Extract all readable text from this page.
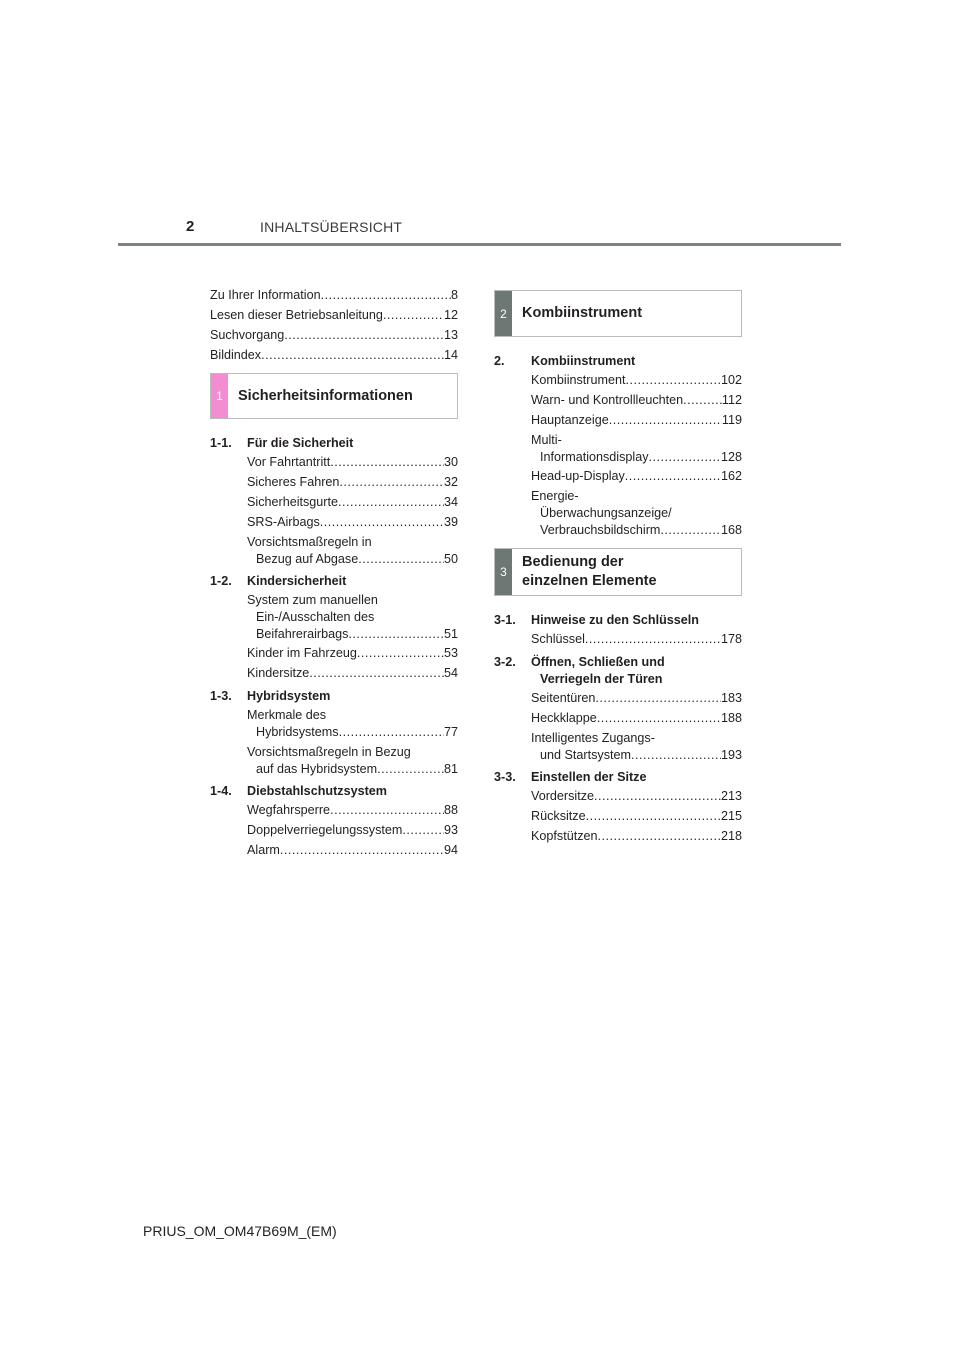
2	INHALTSÜBERSICHT
Zu Ihrer Information .....	8
Lesen dieser Betriebsanleitung .....	12
Suchvorgang .....	13
Bildindex .....	14
1	Sicherheitsinformationen
1-1.	Für die Sicherheit
Vor Fahrtantritt .....	30
Sicheres Fahren .....	32
Sicherheitsgurte .....	34
SRS-Airbags .....	39
Vorsichtsmaßregeln in
Bezug auf Abgase .....	50
1-2.	Kindersicherheit
System zum manuellen
Ein-/Ausschalten des
Beifahrerairbags .....	51
Kinder im Fahrzeug .....	53
Kindersitze .....	54
1-3.	Hybridsystem
Merkmale des
Hybridsystems .....	77
Vorsichtsmaßregeln in Bezug
auf das Hybridsystem .....	81
1-4.	Diebstahlschutzsystem
Wegfahrsperre .....	88
Doppelverriegelungssystem .....	93
Alarm .....	94
2	Kombiinstrument
2.	Kombiinstrument
Kombiinstrument .....	102
Warn- und Kontrollleuchten .....	112
Hauptanzeige .....	119
Multi-
Informationsdisplay .....	128
Head-up-Display .....	162
Energie-
Überwachungsanzeige/
Verbrauchsbildschirm .....	168
3
Bedienung der
einzelnen Elemente
3-1.	Hinweise zu den Schlüsseln
Schlüssel .....	178
3-2.	Öffnen, Schließen und
Verriegeln der Türen
Seitentüren .....	183
Heckklappe .....	188
Intelligentes Zugangs-
und Startsystem .....	193
3-3.	Einstellen der Sitze
Vordersitze .....	213
Rücksitze .....	215
Kopfstützen .....	218
PRIUS_OM_OM47B69M_(EM)
